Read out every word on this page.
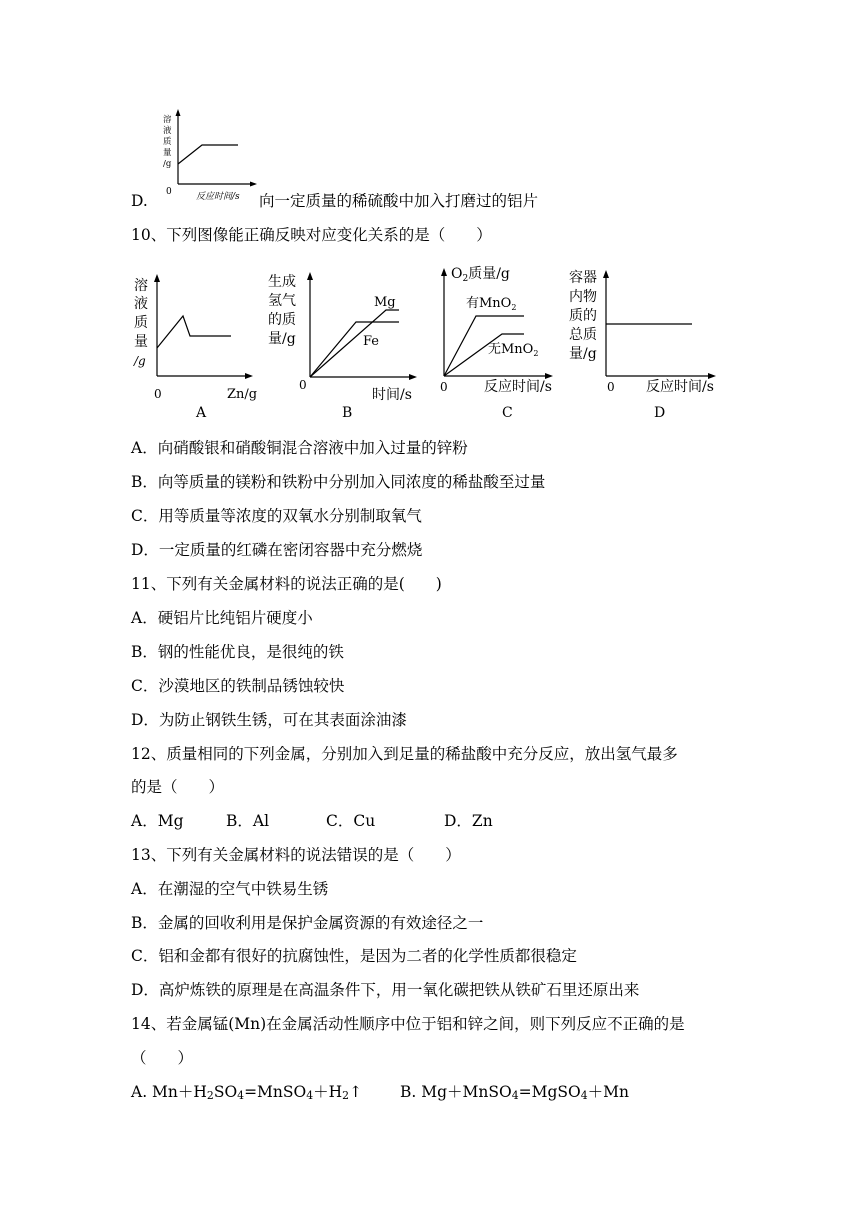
溶
液
质
量
/g
0	反应时间/s
D.	向一定质量的稀硫酸中加入打磨过的铝片
10、下列图像能正确反映对应变化关系的是（　　）
溶
液
质
量
/g
0	Zn/g
A
生成
氢气
的质
量/g
Mg
Fe
0
时间/s
B
$O_2$质量/g
有MnO$_2$
无MnO$_2$
0	反应时间/s
C
容器
内物
质的
总质
量/g
0 反应时间/s
D
A．向硝酸银和硝酸铜混合溶液中加入过量的锌粉
B．向等质量的镁粉和铁粉中分别加入同浓度的稀盐酸至过量
C．用等质量等浓度的双氧水分别制取氧气
D．一定质量的红磷在密闭容器中充分燃烧
11、下列有关金属材料的说法正确的是(　　)
A．硬铝片比纯铝片硬度小
B．钢的性能优良，是很纯的铁
C．沙漠地区的铁制品锈蚀较快
D．为防止钢铁生锈，可在其表面涂油漆
12、质量相同的下列金属，分别加入到足量的稀盐酸中充分反应，放出氢气最多
的是（　　）
A．Mg	B．Al	C．Cu	D．Zn
13、下列有关金属材料的说法错误的是（　　）
A．在潮湿的空气中铁易生锈
B．金属的回收利用是保护金属资源的有效途径之一
C．铝和金都有很好的抗腐蚀性，是因为二者的化学性质都很稳定
D．高炉炼铁的原理是在高温条件下，用一氧化碳把铁从铁矿石里还原出来
14、若金属锰(Mn)在金属活动性顺序中位于铝和锌之间，则下列反应不正确的是
（　　）
A. $Mn+H_2SO_4=MnSO_4+H_2↑$ B. Mg＋MnSO$_4$=MgSO$_4$＋Mn
